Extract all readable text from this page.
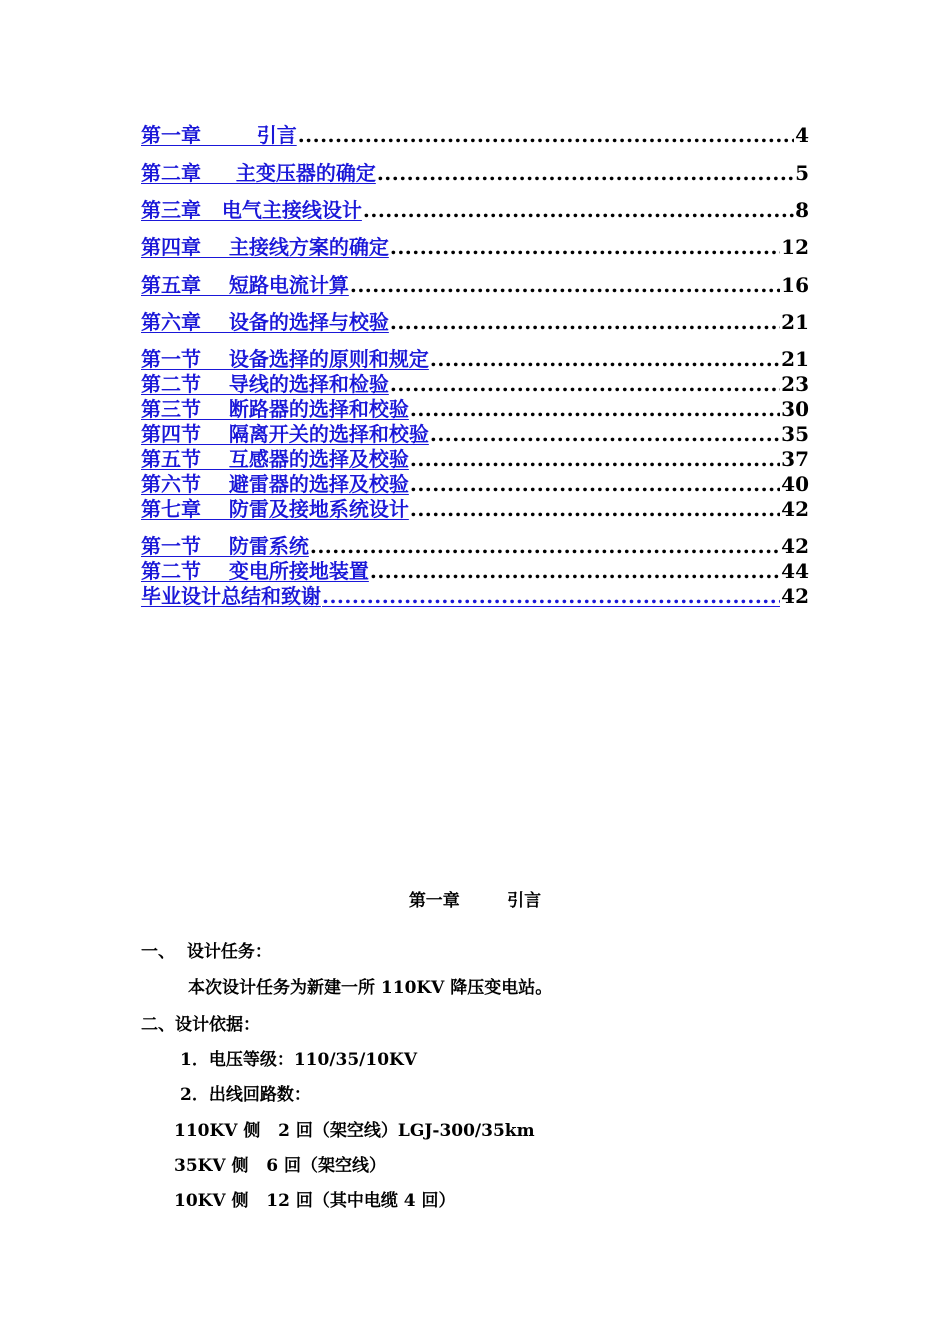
第一章        引言 .....	4
第二章     主变压器的确定 .....	5
第三章   电气主接线设计 .....	8
第四章    主接线方案的确定 .....	12
第五章    短路电流计算 .....	16
第六章    设备的选择与校验 .....	21
第一节    设备选择的原则和规定 .....	21
第二节    导线的选择和检验 .....	23
第三节    断路器的选择和校验 .....	30
第四节    隔离开关的选择和校验 .....	35
第五节    互感器的选择及校验 .....	37
第六节    避雷器的选择及校验 .....	40
第七章    防雷及接地系统设计 .....	42
第一节    防雷系统 .....	42
第二节    变电所接地装置 .....	44
毕业设计总结和致谢 .....	42
第一章        引言
一、  设计任务：
本次设计任务为新建一所 110KV 降压变电站。
二、设计依据：
1．电压等级：110/35/10KV
2．出线回路数：
110KV 侧   2 回（架空线）LGJ-300/35km
35KV 侧   6 回（架空线）
10KV 侧   12 回（其中电缆 4 回）
